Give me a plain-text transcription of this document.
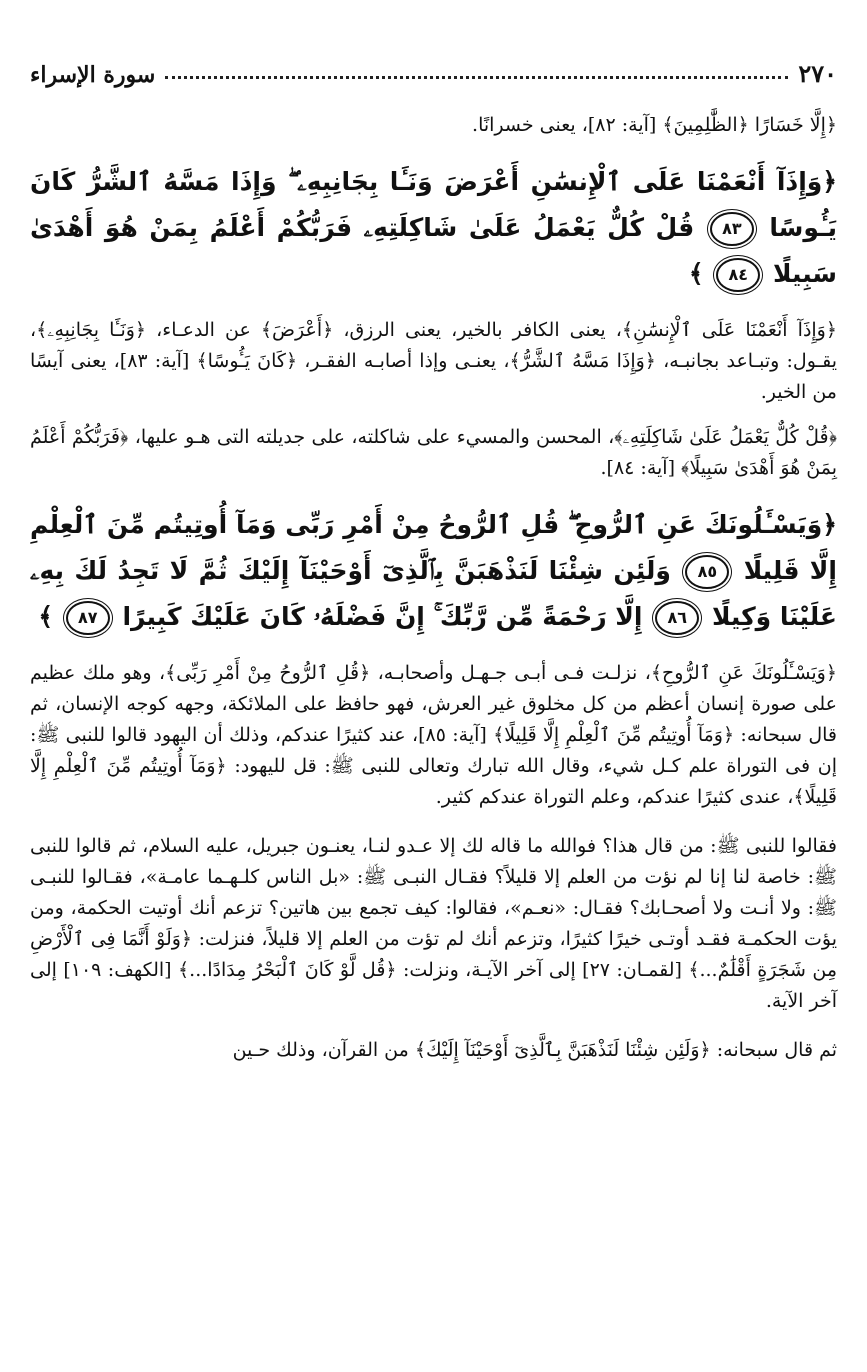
٢٧٠
سورة الإسراء

﴿إِلَّا خَسَارًا ﴿الظَّٰلِمِينَ﴾ [آية: ٨٢]، يعنى خسرانًا.

﴿وَإِذَآ أَنْعَمْنَا عَلَى ٱلْإِنسَٰنِ أَعْرَضَ وَنَـَٔا بِجَانِبِهِۦ ۖ وَإِذَا مَسَّهُ ٱلشَّرُّ كَانَ يَـُٔوسًا ٨٣ قُلْ كُلٌّ يَعْمَلُ عَلَىٰ شَاكِلَتِهِۦ فَرَبُّكُمْ أَعْلَمُ بِمَنْ هُوَ أَهْدَىٰ سَبِيلًا ٨٤ ﴾

﴿وَإِذَآ أَنْعَمْنَا عَلَى ٱلْإِنسَٰنِ﴾، يعنى الكافر بالخير، يعنى الرزق، ﴿أَعْرَضَ﴾ عن الدعـاء، ﴿وَنَـَٔا بِجَانِبِهِۦ﴾، يقـول: وتبـاعد بجانبـه، ﴿وَإِذَا مَسَّهُ ٱلشَّرُّ﴾، يعنـى وإذا أصابـه الفقـر، ﴿كَانَ يَـُٔوسًا﴾ [آية: ٨٣]، يعنى آيسًا من الخير.

﴿قُلْ كُلٌّ يَعْمَلُ عَلَىٰ شَاكِلَتِهِۦ﴾، المحسن والمسيء على شاكلته، على جديلته التى هـو عليها، ﴿فَرَبُّكُمْ أَعْلَمُ بِمَنْ هُوَ أَهْدَىٰ سَبِيلًا﴾ [آية: ٨٤].

﴿وَيَسْـَٔلُونَكَ عَنِ ٱلرُّوحِ ۖ قُلِ ٱلرُّوحُ مِنْ أَمْرِ رَبِّى وَمَآ أُوتِيتُم مِّنَ ٱلْعِلْمِ إِلَّا قَلِيلًا ٨٥ وَلَئِن شِئْنَا لَنَذْهَبَنَّ بِٱلَّذِىٓ أَوْحَيْنَآ إِلَيْكَ ثُمَّ لَا تَجِدُ لَكَ بِهِۦ عَلَيْنَا وَكِيلًا ٨٦ إِلَّا رَحْمَةً مِّن رَّبِّكَ ۚ إِنَّ فَضْلَهُۥ كَانَ عَلَيْكَ كَبِيرًا ٨٧ ﴾

﴿وَيَسْـَٔلُونَكَ عَنِ ٱلرُّوحِ﴾، نزلـت فـى أبـى جـهـل وأصحابـه، ﴿قُلِ ٱلرُّوحُ مِنْ أَمْرِ رَبِّى﴾، وهو ملك عظيم على صورة إنسان أعظم من كل مخلوق غير العرش، فهو حافظ على الملائكة، وجهه كوجه الإنسان، ثم قال سبحانه: ﴿وَمَآ أُوتِيتُم مِّنَ ٱلْعِلْمِ إِلَّا قَلِيلًا﴾ [آية: ٨٥]، عند كثيرًا عندكم، وذلك أن اليهود قالوا للنبى ﷺ: إن فى التوراة علم كـل شيء، وقال الله تبارك وتعالى للنبى ﷺ: قل لليهود: ﴿وَمَآ أُوتِيتُم مِّنَ ٱلْعِلْمِ إِلَّا قَلِيلًا﴾، عندى كثيرًا عندكم، وعلم التوراة عندكم كثير.

فقالوا للنبى ﷺ: من قال هذا؟ فوالله ما قاله لك إلا عـدو لنـا، يعنـون جبريل، عليه السلام، ثم قالوا للنبى ﷺ: خاصة لنا إنا لم نؤت من العلم إلا قليلاً؟ فقـال النبـى ﷺ: «بل الناس كلـهـما عامـة»، فقـالوا للنبـى ﷺ: ولا أنـت ولا أصحـابك؟ فقـال: «نعـم»، فقالوا: كيف تجمع بين هاتين؟ تزعم أنك أوتيت الحكمة، ومن يؤت الحكمـة فقـد أوتـى خيرًا كثيرًا، وتزعم أنك لم تؤت من العلم إلا قليلاً، فنزلت: ﴿وَلَوْ أَنَّمَا فِى ٱلْأَرْضِ مِن شَجَرَةٍ أَقْلَٰمٌ...﴾ [لقمـان: ٢٧] إلى آخر الآيـة، ونزلت: ﴿قُل لَّوْ كَانَ ٱلْبَحْرُ مِدَادًا...﴾ [الكهف: ١٠٩] إلى آخر الآية.

ثم قال سبحانه: ﴿وَلَئِن شِئْنَا لَنَذْهَبَنَّ بِٱلَّذِىٓ أَوْحَيْنَآ إِلَيْكَ﴾ من القرآن، وذلك حـين
